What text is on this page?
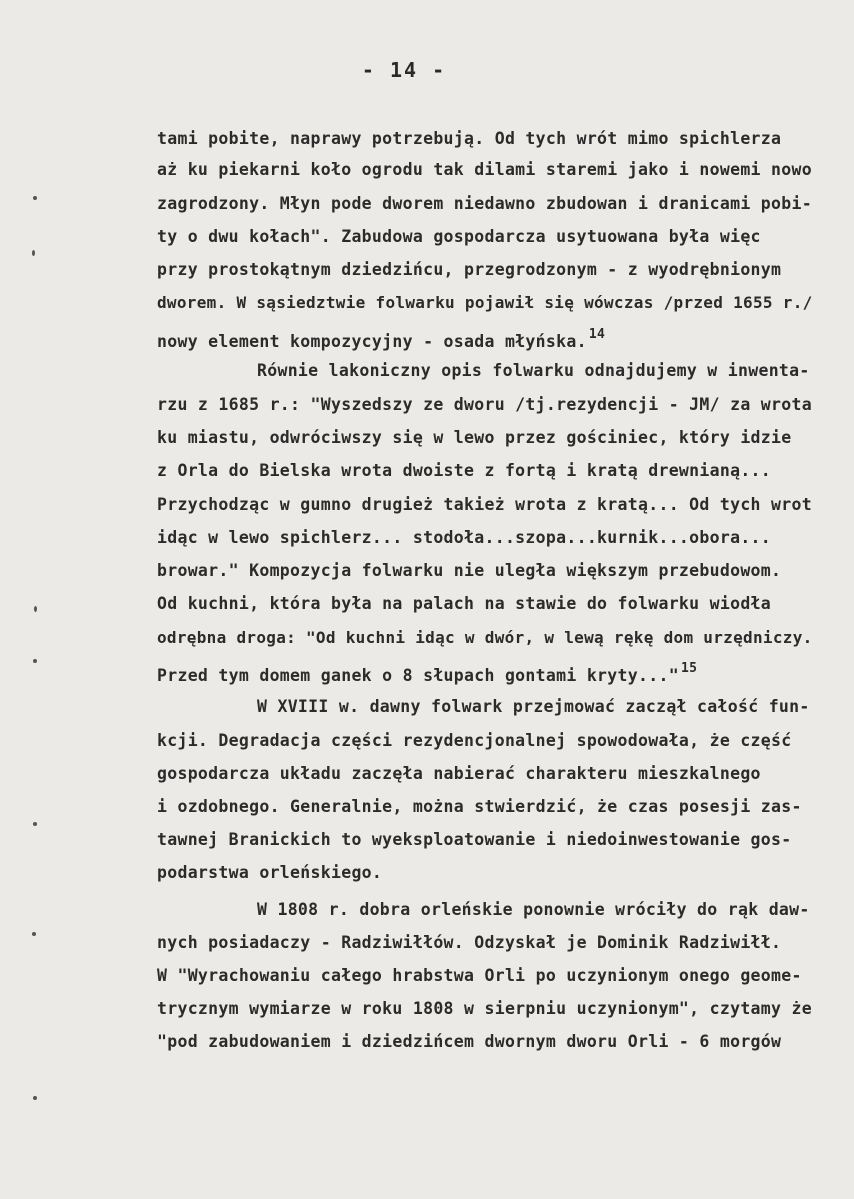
- 14 -
tami pobite, naprawy potrzebują. Od tych wrót mimo spichlerza
aż ku piekarni koło ogrodu tak dilami staremi jako i nowemi nowo
zagrodzony. Młyn pode dworem niedawno zbudowan i dranicami pobi-
ty o dwu kołach". Zabudowa gospodarcza usytuowana była więc
przy prostokątnym dziedzińcu, przegrodzonym - z wyodrębnionym
dworem. W sąsiedztwie folwarku pojawił się wówczas /przed 1655 r./
nowy element kompozycyjny - osada młyńska. $^{14}$
Równie lakoniczny opis folwarku odnajdujemy w inwenta-
rzu z 1685 r.: "Wyszedszy ze dworu /tj.rezydencji - JM/ za wrota
ku miastu, odwróciwszy się w lewo przez gościniec, który idzie
z Orla do Bielska wrota dwoiste z fortą i kratą drewnianą...
Przychodząc w gumno drugież takież wrota z kratą... Od tych wrot
idąc w lewo spichlerz... stodoła...szopa...kurnik...obora...
browar." Kompozycja folwarku nie uległa większym przebudowom.
Od kuchni, która była na palach na stawie do folwarku wiodła
odrębna droga: "Od kuchni idąc w dwór, w lewą rękę dom urzędniczy.
Przed tym domem ganek o 8 słupach gontami kryty..." $^{15}$
W XVIII w. dawny folwark przejmować zaczął całość fun-
kcji. Degradacja części rezydencjonalnej spowodowała, że część
gospodarcza układu zaczęła nabierać charakteru mieszkalnego
i ozdobnego. Generalnie, można stwierdzić, że czas posesji zas-
tawnej Branickich to wyeksploatowanie i niedoinwestowanie gos-
podarstwa orleńskiego.
W 1808 r. dobra orleńskie ponownie wróciły do rąk daw-
nych posiadaczy - Radziwiłłów. Odzyskał je Dominik Radziwiłł.
W "Wyrachowaniu całego hrabstwa Orli po uczynionym onego geome-
trycznym wymiarze w roku 1808 w sierpniu uczynionym", czytamy że
"pod zabudowaniem i dziedzińcem dwornym dworu Orli - 6 morgów
